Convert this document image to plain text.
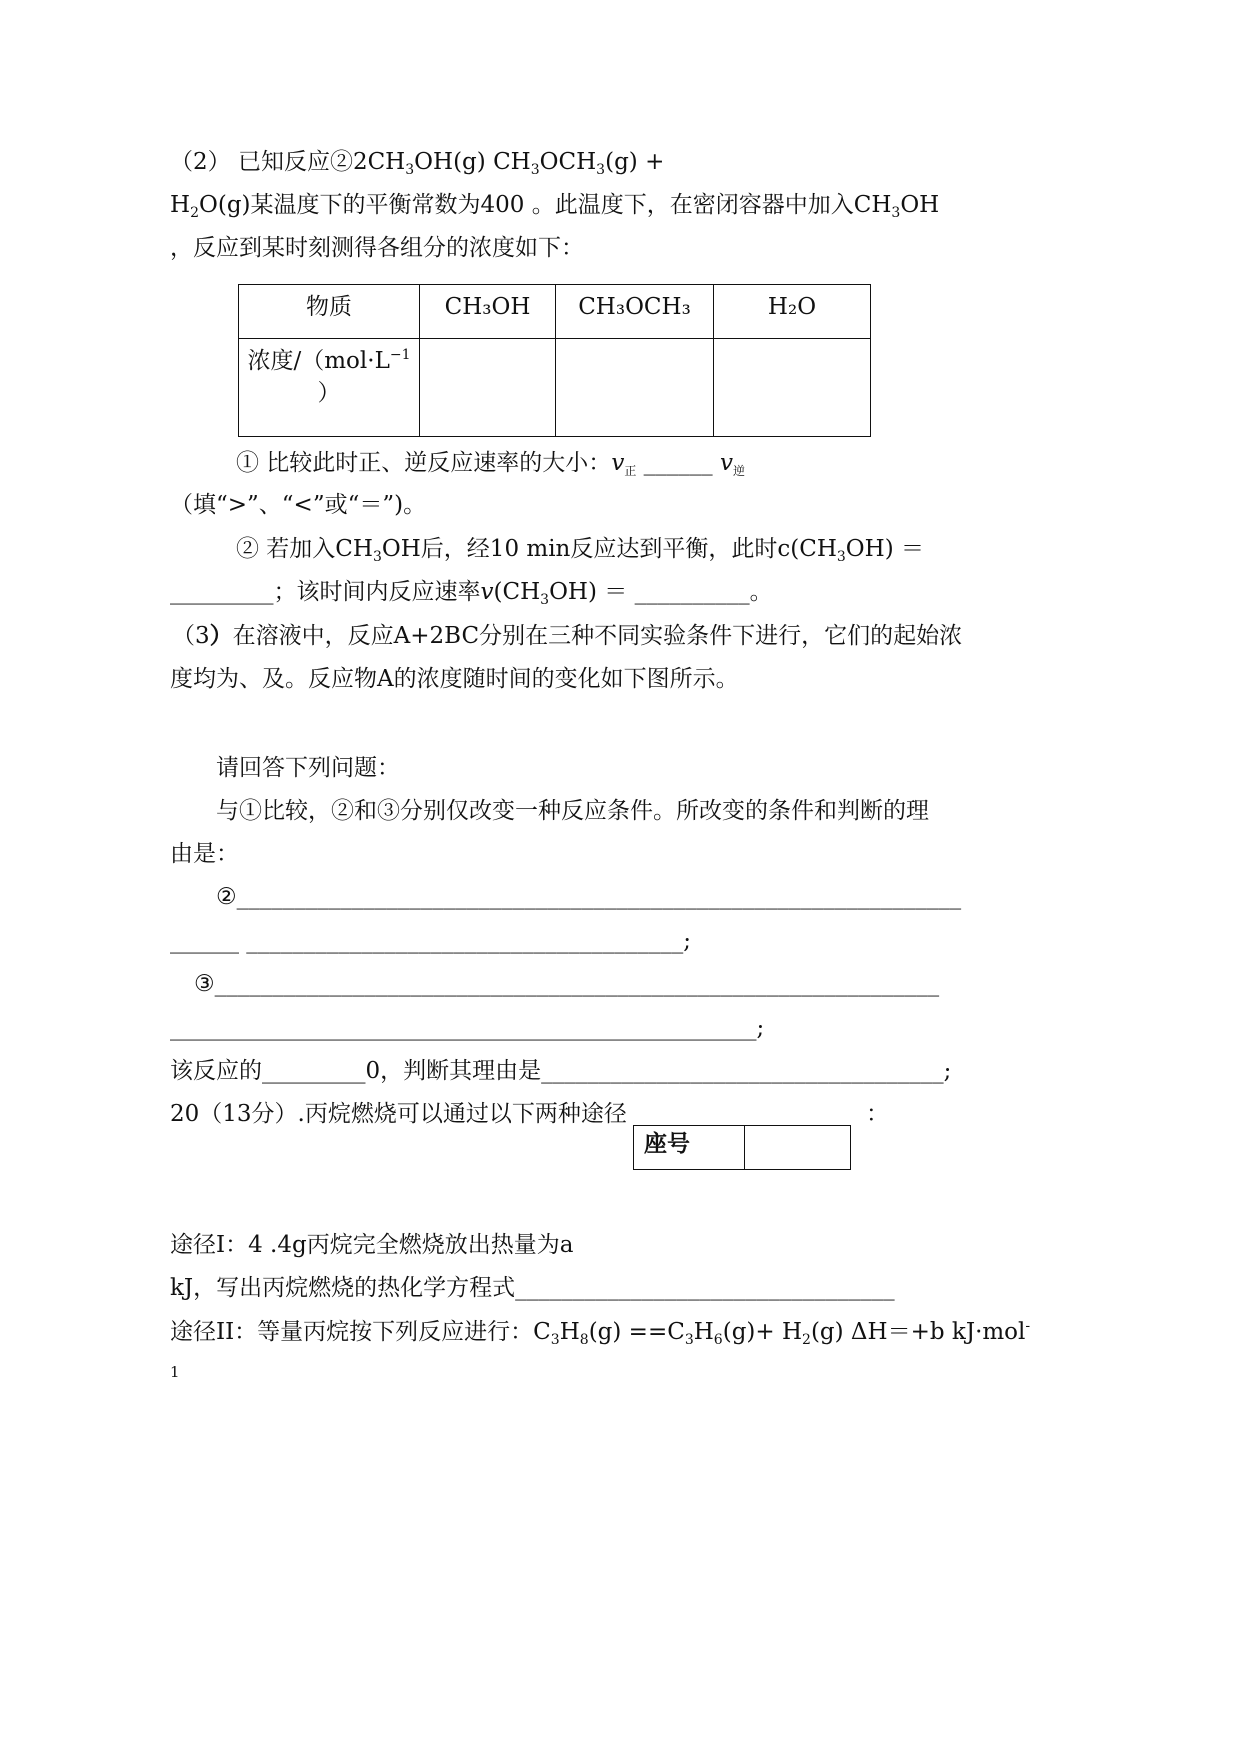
（2） 已知反应$②2CH_3OH(g) CH_3OCH_3(g)$ +
$H_2O(g)$某温度下的平衡常数为400 。此温度下，在密闭容器中加入$CH_3OH$
，反应到某时刻测得各组分的浓度如下：
物质	CH₃OH	CH₃OCH₃	H₂O
浓度$/(mol\cdot L^{-1}$
）			
① 比较此时正、逆反应速率的大小：$v_正$ ______ $v_逆$
（填“>”、“<”或“＝”)。
② 若加入$CH_3OH$后，经10 min反应达到平衡，此时$c(CH_3OH)$ ＝
_________；该时间内反应速率$v(CH_3OH)$ ＝ __________。
（3）在溶液中，反应A+2BC分别在三种不同实验条件下进行，它们的起始浓
度均为、及。反应物A的浓度随时间的变化如下图所示。
请回答下列问题：
与①比较，②和③分别仅改变一种反应条件。所改变的条件和判断的理
由是：
②_______________________________________________________________
______ ______________________________________;
③_______________________________________________________________
___________________________________________________;
该反应的_________0，判断其理由是___________________________________;
20（13分）.丙烷燃烧可以通过以下两种途径	：
座号	
途径I：4 .4g丙烷完全燃烧放出热量为a
kJ，写出丙烷燃烧的热化学方程式_________________________________
途径II：等量丙烷按下列反应进行：$C_3H_8(g) ==C_3H_6(g)+ H_2(g)$ ΔH＝+b kJ·mol-
1
